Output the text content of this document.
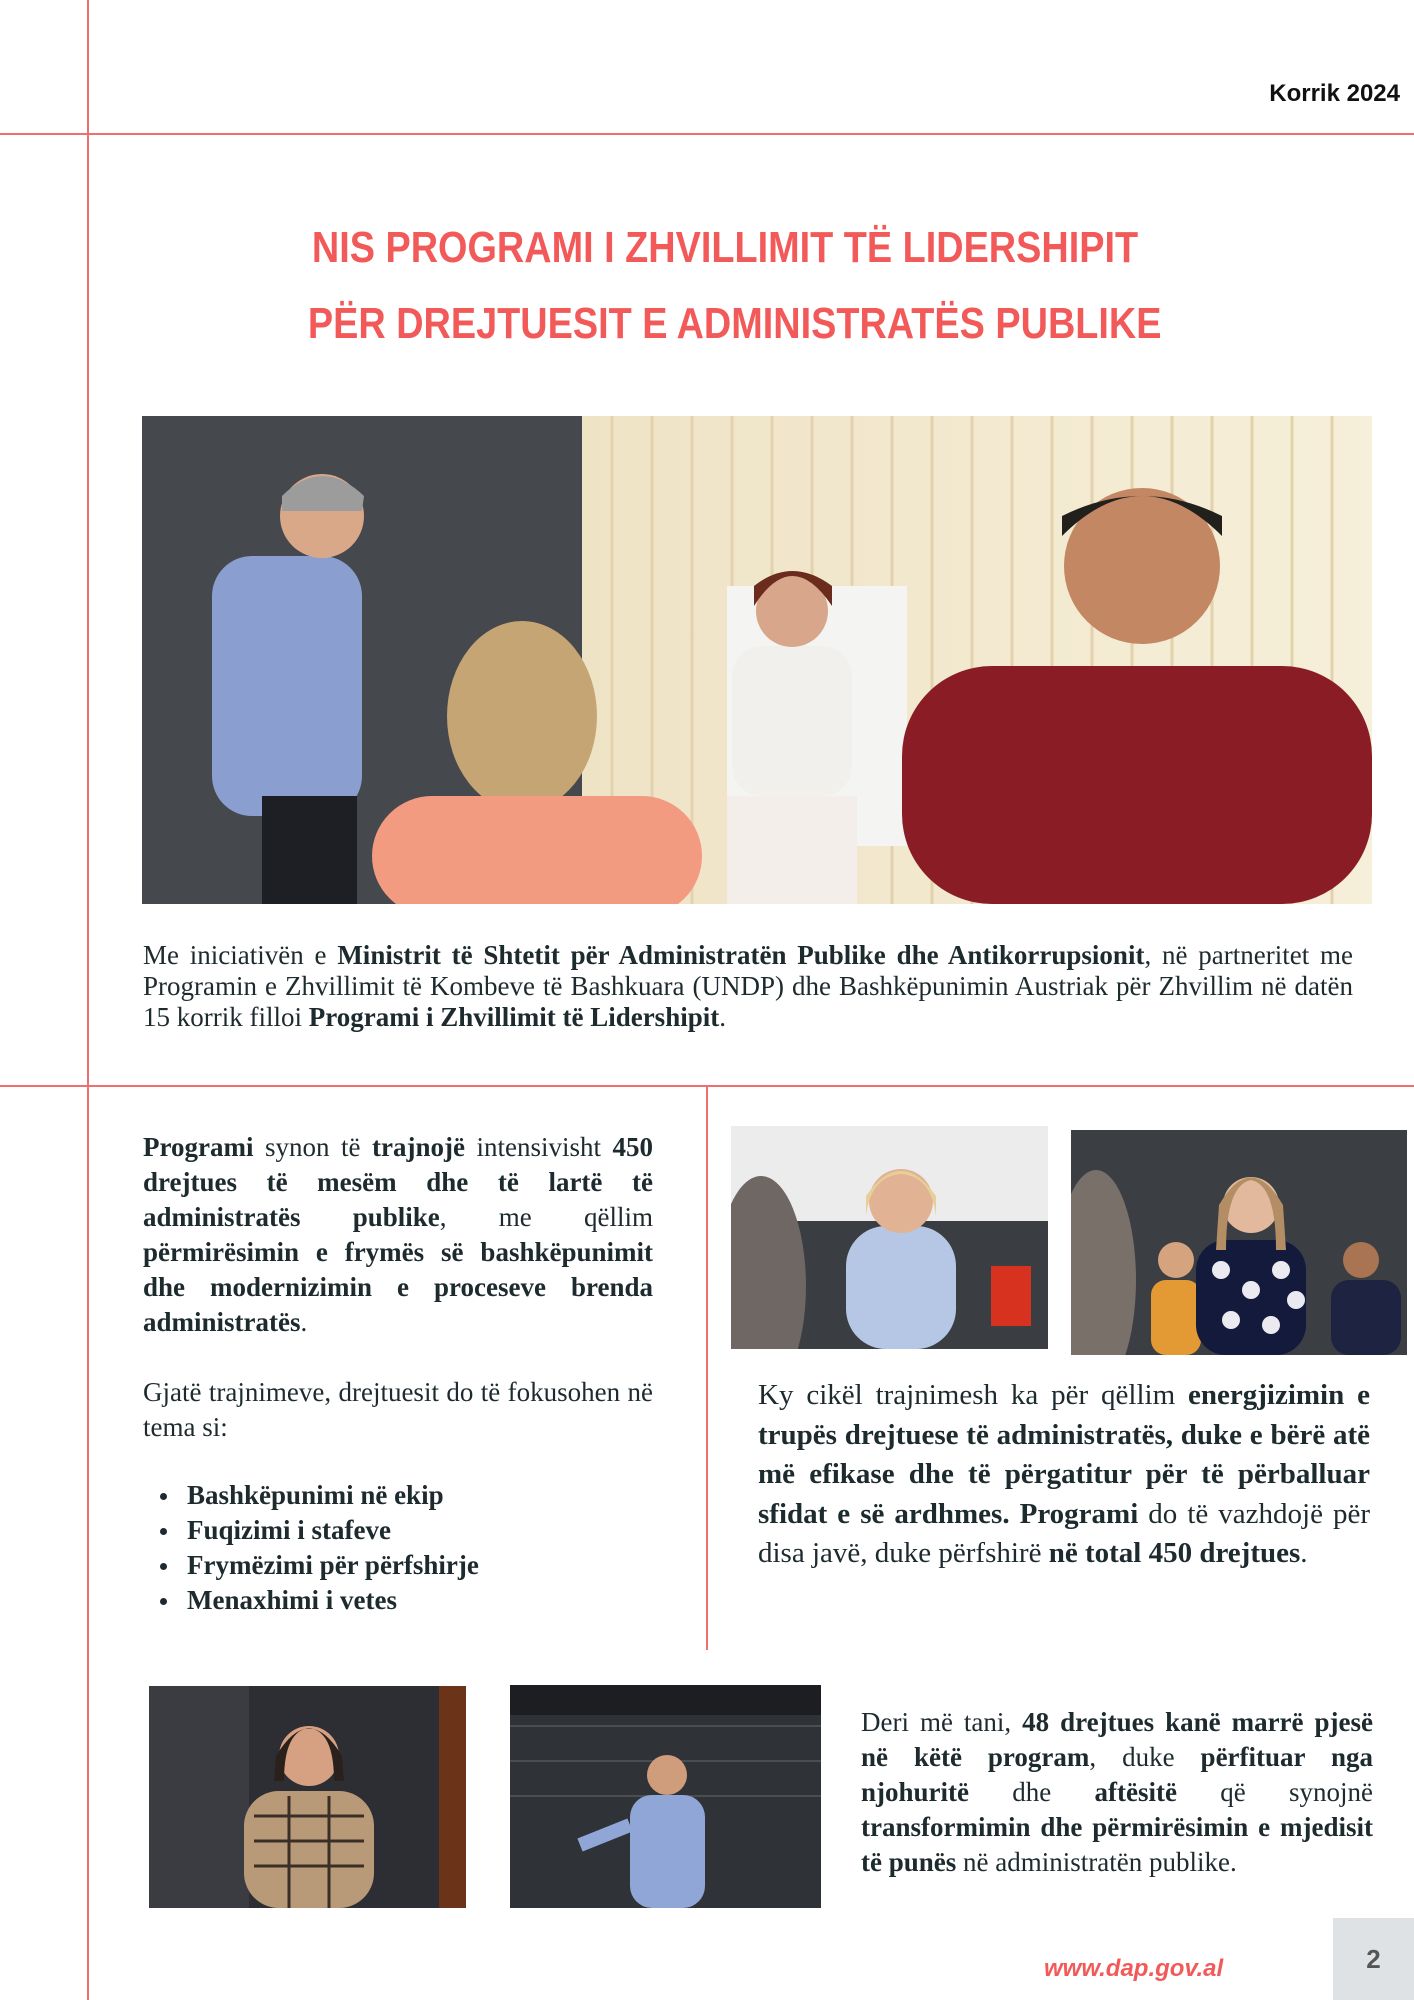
Korrik 2024
NIS PROGRAMI I ZHVILLIMIT TË LIDERSHIPIT
PËR DREJTUESIT E ADMINISTRATËS PUBLIKE

Me iniciativën e Ministrit të Shtetit për Administratën Publike dhe Antikorrupsionit, në partneritet me Programin e Zhvillimit të Kombeve të Bashkuara (UNDP) dhe Bashkëpunimin Austriak për Zhvillim në datën 15 korrik filloi Programi i Zhvillimit të Lidershipit.

Programi synon të trajnojë intensivisht 450 drejtues të mesëm dhe të lartë të administratës publike, me qëllim përmirësimin e frymës së bashkëpunimit dhe modernizimin e proceseve brenda administratës.

Gjatë trajnimeve, drejtuesit do të fokusohen në tema si:

Bashkëpunimi në ekip
Fuqizimi i stafeve
Frymëzimi për përfshirje
Menaxhimi i vetes

Ky cikël trajnimesh ka për qëllim energjizimin e trupës drejtuese të administratës, duke e bërë atë më efikase dhe të përgatitur për të përballuar sfidat e së ardhmes. Programi do të vazhdojë për disa javë, duke përfshirë në total 450 drejtues.

Deri më tani, 48 drejtues kanë marrë pjesë në këtë program, duke përfituar nga njohuritë dhe aftësitë që synojnë transformimin dhe përmirësimin e mjedisit të punës në administratën publike.

www.dap.gov.al	2
